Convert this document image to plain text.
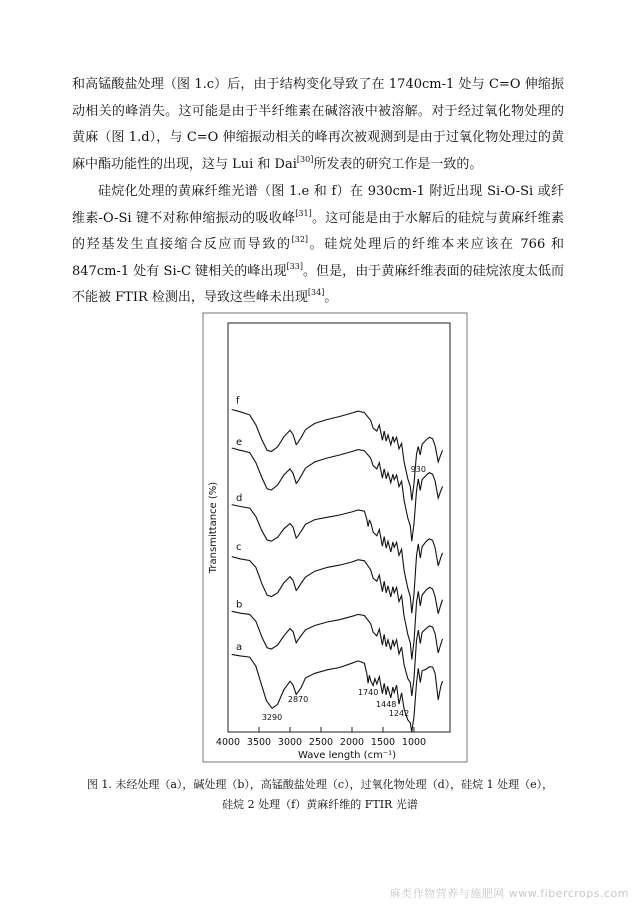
和高锰酸盐处理（图 1.c）后，由于结构变化导致了在 1740cm-1 处与 C=O 伸缩振动相关的峰消失。这可能是由于半纤维素在碱溶液中被溶解。对于经过氧化物处理的黄麻（图 1.d），与 C=O 伸缩振动相关的峰再次被观测到是由于过氧化物处理过的黄麻中酯功能性的出现，这与 Lui 和 Dai[30]所发表的研究工作是一致的。

硅烷化处理的黄麻纤维光谱（图 1.e 和 f）在 930cm-1 附近出现 Si-O-Si 或纤维素-O-Si 键不对称伸缩振动的吸收峰[31]。这可能是由于水解后的硅烷与黄麻纤维素的羟基发生直接缩合反应而导致的[32]。硅烷处理后的纤维本来应该在 766 和 847cm-1 处有 Si-C 键相关的峰出现[33]。但是，由于黄麻纤维表面的硅烷浓度太低而不能被 FTIR 检测出，导致这些峰未出现[34]。

a
b
c
d
e
f
3290
2870
1740
1448
1242
930
4000 3500 3000 2500 2000 1500 1000
Wave length (cm⁻¹)
Transmittance (%)

图 1. 未经处理（a），碱处理（b），高锰酸盐处理（c），过氧化物处理（d），硅烷 1 处理（e），

硅烷 2 处理（f）黄麻纤维的 FTIR 光谱

麻类作物营养与施肥网 www.fibercrops.com
